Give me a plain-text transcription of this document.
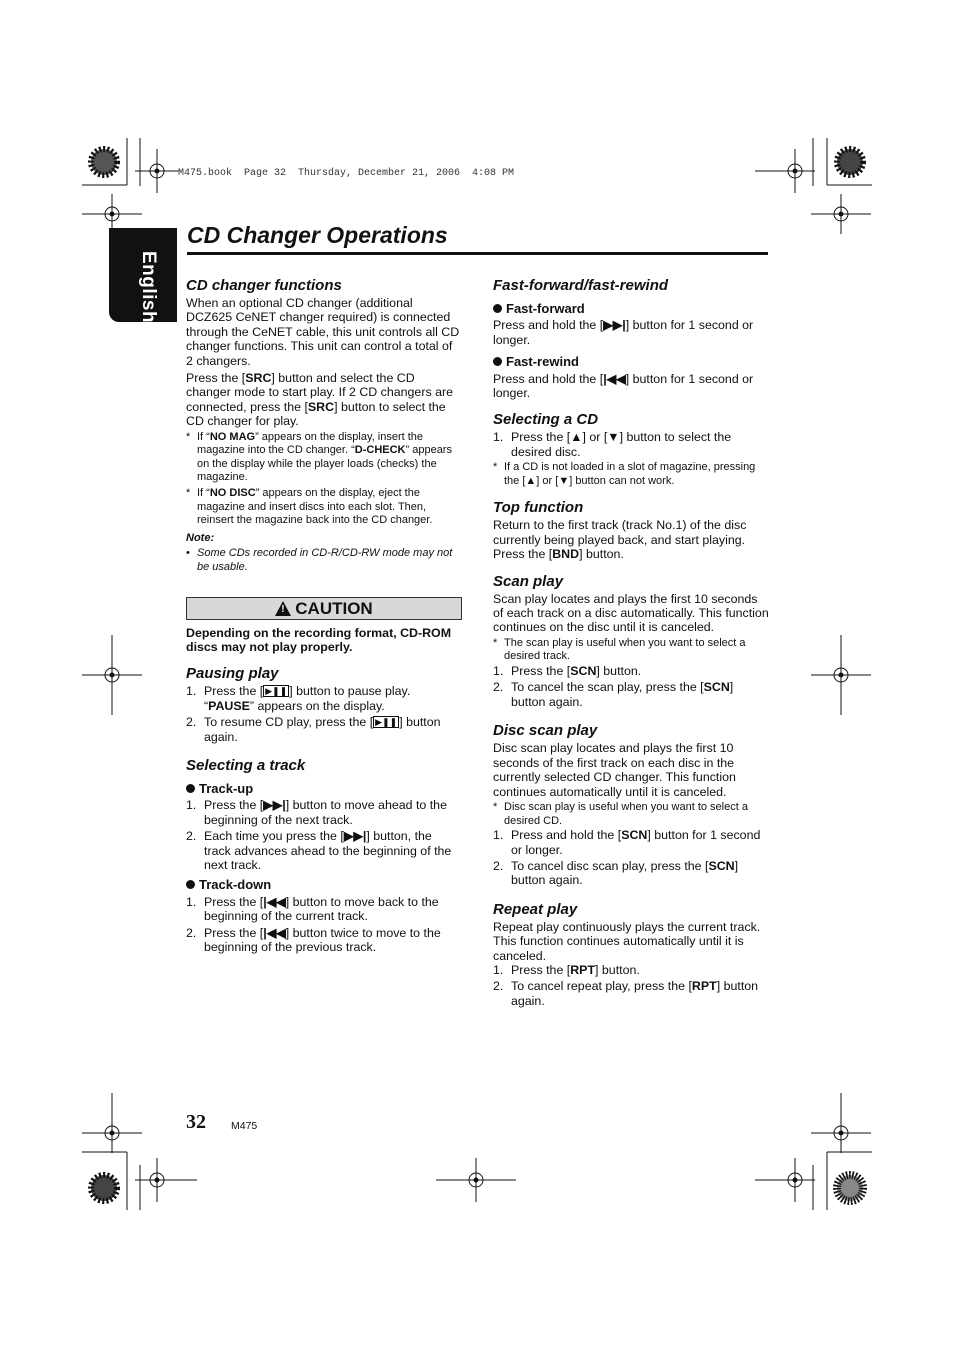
M475.book  Page 32  Thursday, December 21, 2006  4:08 PM
English
CD Changer Operations
CD changer functions

When an optional CD changer (additional DCZ625 CeNET changer required) is connected through the CeNET cable, this unit controls all CD changer functions. This unit can control a total of 2 changers.

Press the [SRC] button and select the CD changer mode to start play. If 2 CD changers are connected, press the [SRC] button to select the CD changer for play.

* If “NO MAG” appears on the display, insert the magazine into the CD changer. “D-CHECK” appears on the display while the player loads (checks) the magazine.
* If “NO DISC” appears on the display, eject the magazine and insert discs into each slot. Then, reinsert the magazine back into the CD changer.
Note:
• Some CDs recorded in CD-R/CD-RW mode may not be usable.
! CAUTION

Depending on the recording format, CD-ROM discs may not play properly.

Pausing play
1. Press the [ ▶❚❚ ] button to pause play. “PAUSE” appears on the display.
2. To resume CD play, press the [ ▶❚❚ ] button again.
Selecting a track
Track-up
1. Press the [▶▶|] button to move ahead to the beginning of the next track.
2. Each time you press the [▶▶|] button, the track advances ahead to the beginning of the next track.
Track-down
1. Press the [|◀◀] button to move back to the beginning of the current track.
2. Press the [|◀◀] button twice to move to the beginning of the previous track.
Fast-forward/fast-rewind
Fast-forward

Press and hold the [▶▶|] button for 1 second or longer.

Fast-rewind

Press and hold the [|◀◀] button for 1 second or longer.

Selecting a CD
1. Press the [▲] or [▼] button to select the desired disc.
* If a CD is not loaded in a slot of magazine, pressing the [▲] or [▼] button can not work.
Top function

Return to the first track (track No.1) of the disc currently being played back, and start playing.

Press the [BND] button.

Scan play

Scan play locates and plays the first 10 seconds of each track on a disc automatically. This function continues on the disc until it is canceled.

* The scan play is useful when you want to select a desired track.
1. Press the [SCN] button.
2. To cancel the scan play, press the [SCN] button again.
Disc scan play

Disc scan play locates and plays the first 10 seconds of the first track on each disc in the currently selected CD changer. This function continues automatically until it is canceled.

* Disc scan play is useful when you want to select a desired CD.
1. Press and hold the [SCN] button for 1 second or longer.
2. To cancel disc scan play, press the [SCN] button again.
Repeat play

Repeat play continuously plays the current track. This function continues automatically until it is canceled.

1. Press the [RPT] button.
2. To cancel repeat play, press the [RPT] button again.
32 M475
